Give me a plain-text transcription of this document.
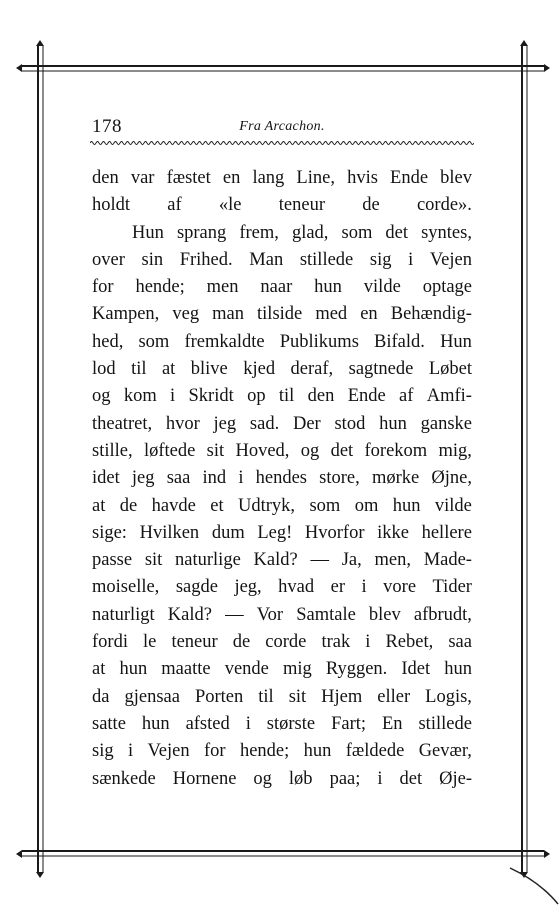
178	Fra Arcachon.
den var fæstet en lang Line, hvis Ende blev
holdt af «le teneur de corde».
Hun sprang frem, glad, som det syntes,
over sin Frihed. Man stillede sig i Vejen
for hende; men naar hun vilde optage
Kampen, veg man tilside med en Behændig-
hed, som fremkaldte Publikums Bifald. Hun
lod til at blive kjed deraf, sagtnede Løbet
og kom i Skridt op til den Ende af Amfi-
theatret, hvor jeg sad. Der stod hun ganske
stille, løftede sit Hoved, og det forekom mig,
idet jeg saa ind i hendes store, mørke Øjne,
at de havde et Udtryk, som om hun vilde
sige: Hvilken dum Leg! Hvorfor ikke hellere
passe sit naturlige Kald? — Ja, men, Made-
moiselle, sagde jeg, hvad er i vore Tider
naturligt Kald? — Vor Samtale blev afbrudt,
fordi le teneur de corde trak i Rebet, saa
at hun maatte vende mig Ryggen. Idet hun
da gjensaa Porten til sit Hjem eller Logis,
satte hun afsted i største Fart; En stillede
sig i Vejen for hende; hun fældede Gevær,
sænkede Hornene og løb paa; i det Øje-
